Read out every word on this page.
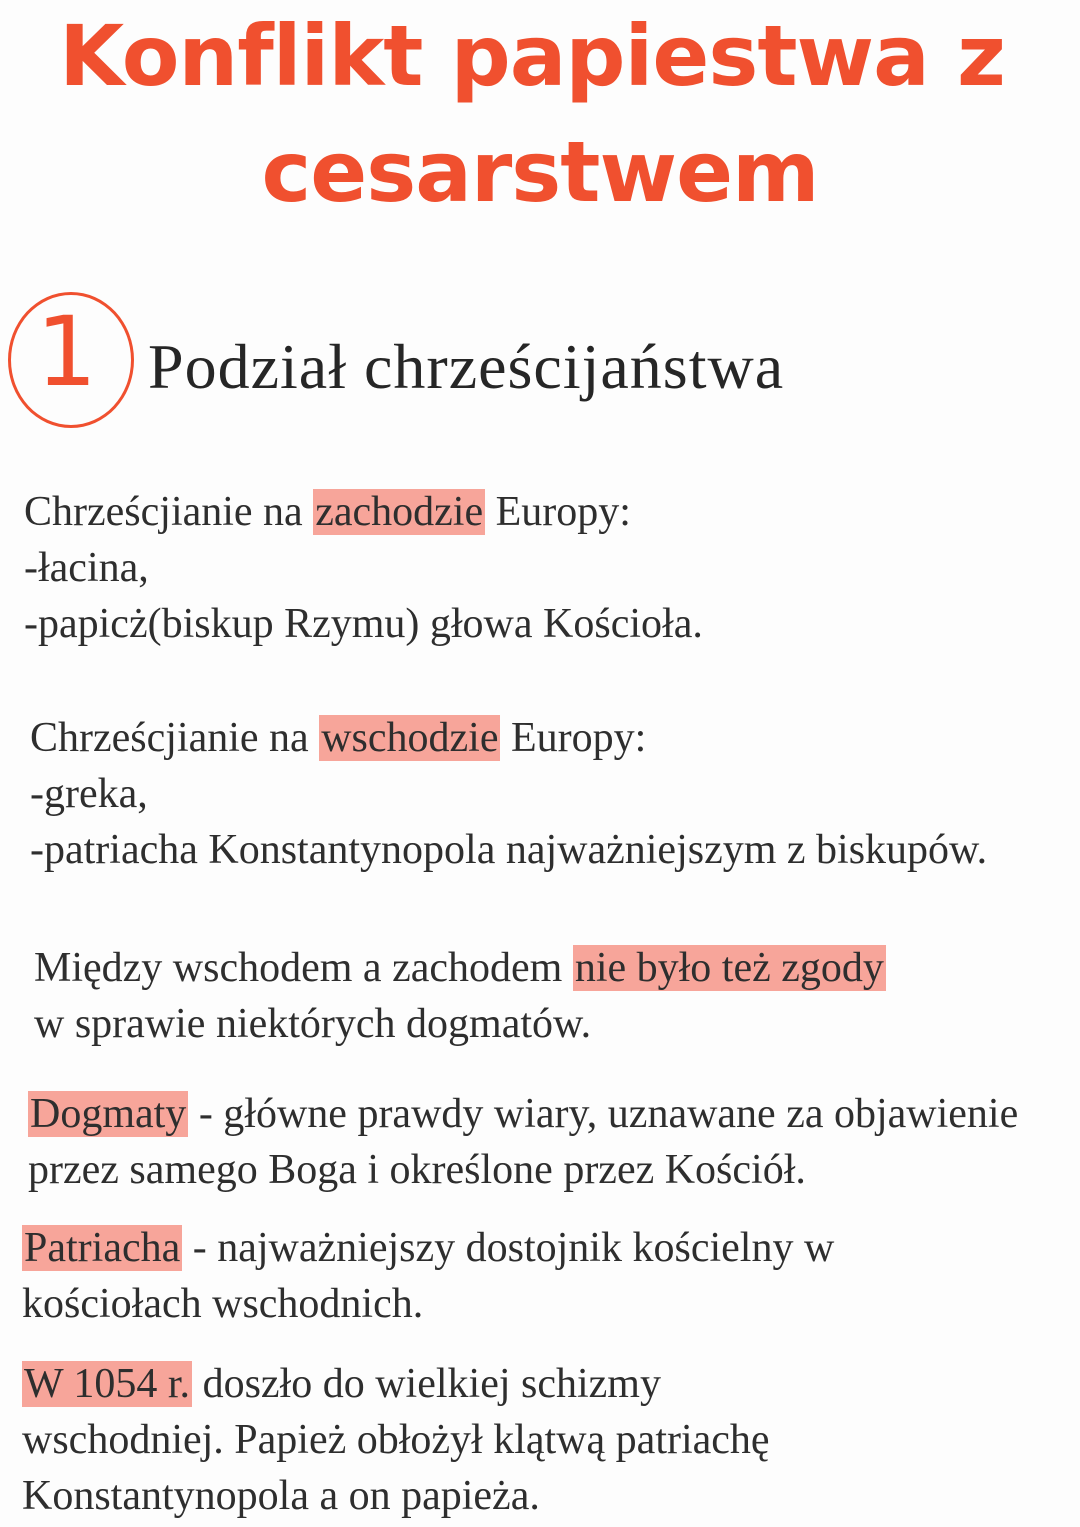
Konflikt papiestwa z
cesarstwem
1 Podział chrześcijaństwa
Chrześcjianie na zachodzie Europy:
-łacina,
-papicż(biskup Rzymu) głowa Kościoła.
Chrześcjianie na wschodzie Europy:
-greka,
-patriacha Konstantynopola najważniejszym z biskupów.
Między wschodem a zachodem nie było też zgody
w sprawie niektórych dogmatów.
Dogmaty - główne prawdy wiary, uznawane za objawienie
przez samego Boga i określone przez Kościół.
Patriacha - najważniejszy dostojnik kościelny w
kościołach wschodnich.
W 1054 r. doszło do wielkiej schizmy
wschodniej. Papież obłożył klątwą patriachę
Konstantynopola a on papieża.
